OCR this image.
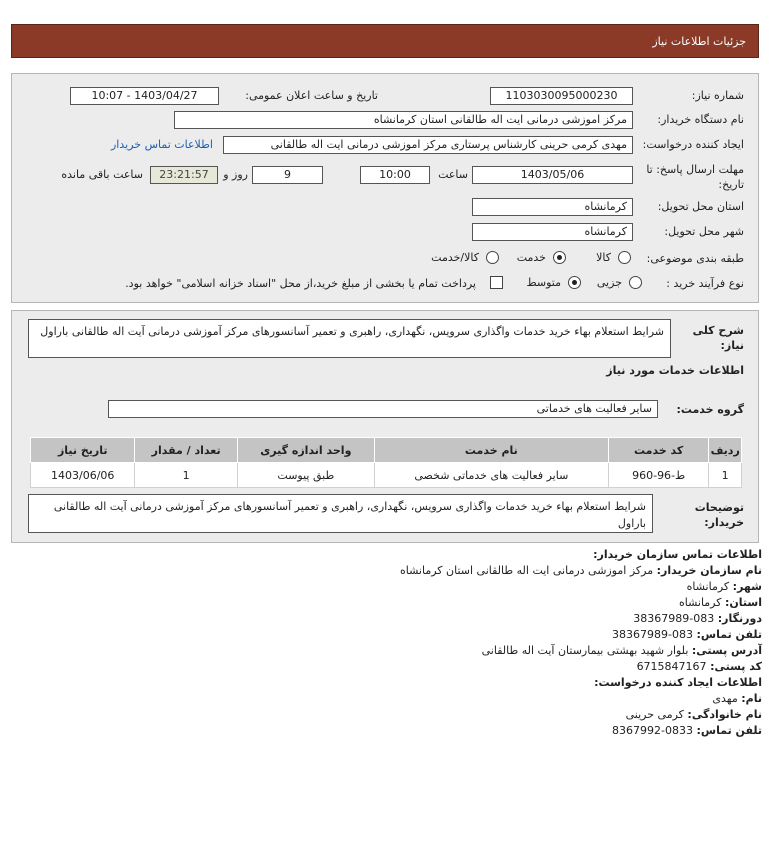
جزئیات اطلاعات نیاز
شماره نیاز:
1103030095000230
تاریخ و ساعت اعلان عمومی:
1403/04/27 - 10:07
نام دستگاه خریدار:
مرکز اموزشی درمانی ایت اله طالقانی استان کرمانشاه
ایجاد کننده درخواست:
مهدی کرمی حرینی کارشناس پرستاری مرکز اموزشی درمانی ایت اله طالقانی
اطلاعات تماس خریدار
مهلت ارسال پاسخ: تا
تاریخ:
1403/05/06
ساعت
10:00
9
روز و
23:21:57
ساعت باقی مانده
استان محل تحویل:
کرمانشاه
شهر محل تحویل:
کرمانشاه
طبقه بندی موضوعی:
کالا
خدمت
کالا/خدمت
نوع فرآیند خرید :
جزیی
متوسط
پرداخت تمام یا بخشی از مبلغ خرید،از محل "اسناد خزانه اسلامی" خواهد بود.
شرح کلی
نیاز:
شرایط استعلام بهاء خرید خدمات واگذاری سرویس، نگهداری، راهبری و تعمیر آسانسورهای مرکز آموزشی درمانی آیت اله طالقانی باراول
اطلاعات خدمات مورد نیاز
گروه خدمت:
سایر فعالیت های خدماتی
ردیف	کد خدمت	نام خدمت	واحد اندازه گیری	تعداد / مقدار	تاریخ نیاز
1	ط-96-960	سایر فعالیت های خدماتی شخصی	طبق پیوست	1	1403/06/06
توضیحات
خریدار:
شرایط استعلام بهاء خرید خدمات واگذاری سرویس، نگهداری، راهبری و تعمیر آسانسورهای مرکز آموزشی درمانی آیت اله طالقانی باراول
اطلاعات تماس سازمان خریدار:
نام سازمان خریدار: مرکز اموزشی درمانی ایت اله طالقانی استان کرمانشاه
شهر: کرمانشاه
استان: کرمانشاه
دورنگار: 083-38367989
تلفن تماس: 083-38367989
آدرس پستی: بلوار شهید بهشتی بیمارستان آیت اله طالقانی
کد پستی: 6715847167
اطلاعات ایجاد کننده درخواست:
نام: مهدی
نام خانوادگی: کرمی حرینی
تلفن تماس: 0833-8367992
